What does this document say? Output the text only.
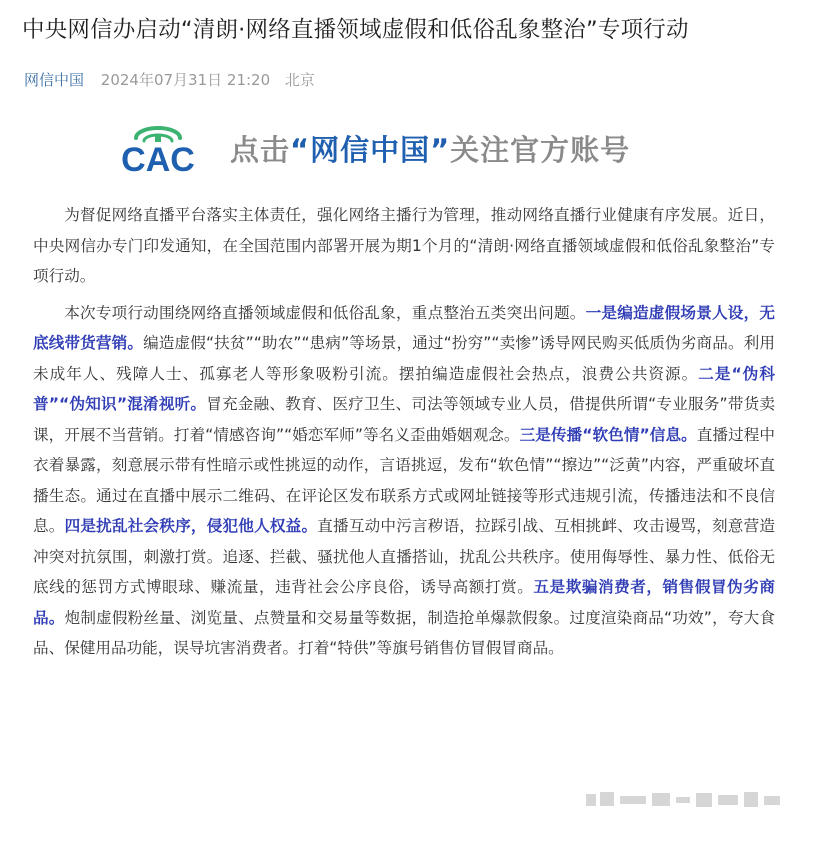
中央网信办启动“清朗·网络直播领域虚假和低俗乱象整治”专项行动
网信中国 2024年07月31日 21:20 北京
CAC 点击“网信中国”关注官方账号

为督促网络直播平台落实主体责任，强化网络主播行为管理，推动网络直播行业健康有序发展。近日，中央网信办专门印发通知，在全国范围内部署开展为期1个月的“清朗·网络直播领域虚假和低俗乱象整治”专项行动。

本次专项行动围绕网络直播领域虚假和低俗乱象，重点整治五类突出问题。一是编造虚假场景人设，无底线带货营销。编造虚假“扶贫”“助农”“患病”等场景，通过“扮穷”“卖惨”诱导网民购买低质伪劣商品。利用未成年人、残障人士、孤寡老人等形象吸粉引流。摆拍编造虚假社会热点，浪费公共资源。二是“伪科普”“伪知识”混淆视听。冒充金融、教育、医疗卫生、司法等领域专业人员，借提供所谓“专业服务”带货卖课，开展不当营销。打着“情感咨询”“婚恋军师”等名义歪曲婚姻观念。三是传播“软色情”信息。直播过程中衣着暴露，刻意展示带有性暗示或性挑逗的动作，言语挑逗，发布“软色情”“擦边”“泛黄”内容，严重破坏直播生态。通过在直播中展示二维码、在评论区发布联系方式或网址链接等形式违规引流，传播违法和不良信息。四是扰乱社会秩序，侵犯他人权益。直播互动中污言秽语，拉踩引战、互相挑衅、攻击谩骂，刻意营造冲突对抗氛围，刺激打赏。追逐、拦截、骚扰他人直播搭讪，扰乱公共秩序。使用侮辱性、暴力性、低俗无底线的惩罚方式博眼球、赚流量，违背社会公序良俗，诱导高额打赏。五是欺骗消费者，销售假冒伪劣商品。炮制虚假粉丝量、浏览量、点赞量和交易量等数据，制造抢单爆款假象。过度渲染商品“功效”，夸大食品、保健用品功能，误导坑害消费者。打着“特供”等旗号销售仿冒假冒商品。
